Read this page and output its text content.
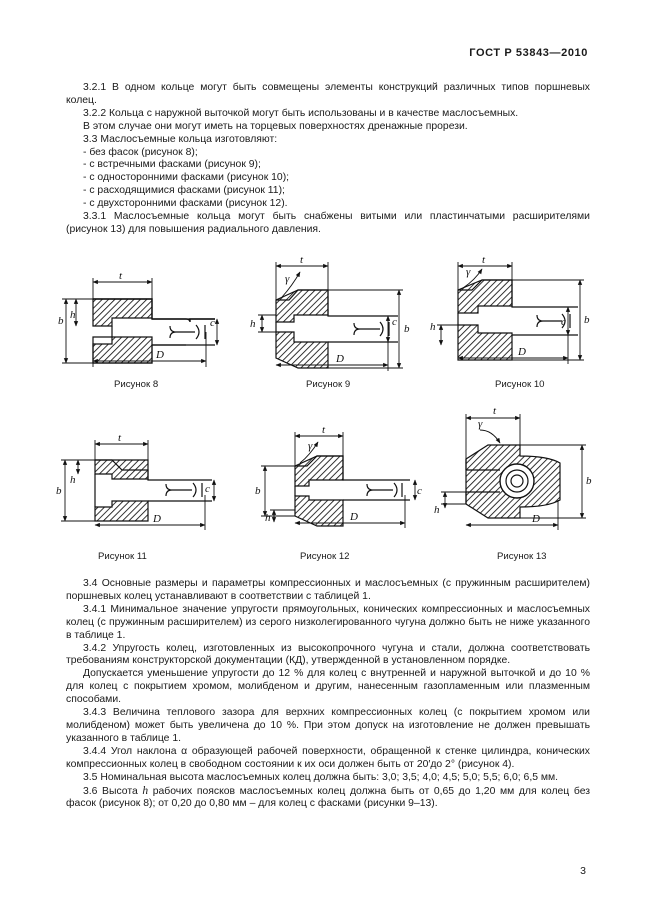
ГОСТ Р 53843—2010

3.2.1 В одном кольце могут быть совмещены элементы конструкций различных типов поршневых колец.

3.2.2 Кольца с наружной выточкой могут быть использованы и в качестве маслосъемных.

В этом случае они могут иметь на торцевых поверхностях дренажные прорези.

3.3 Маслосъемные кольца изготовляют:

- без фасок (рисунок 8);

- с встречными фасками (рисунок 9);

- с односторонними фасками (рисунок 10);

- с расходящимися фасками (рисунок 11);

- с двухсторонними фасками (рисунок 12).

3.3.1 Маслосъемные кольца могут быть снабжены витыми или пластинчатыми расширителями (рисунок 13) для повышения радиального давления.

t
b h
c
D
t
γ
h	c
b
D
t
γ
h	c b
D
t
b
h
c
D
t
γ
b
h
c
D
t
γ
b
h
D
Рисунок 8	Рисунок 9	Рисунок 10
Рисунок 11	Рисунок 12	Рисунок 13

3.4 Основные размеры и параметры компрессионных и маслосъемных (с пружинным расширителем) поршневых колец устанавливают в соответствии с таблицей 1.

3.4.1 Минимальное значение упругости прямоугольных, конических компрессионных и маслосъемных колец (с пружинным расширителем) из серого низколегированного чугуна должно быть не ниже указанного в таблице 1.

3.4.2 Упругость колец, изготовленных из высокопрочного чугуна и стали, должна соответствовать требованиям конструкторской документации (КД), утвержденной в установленном порядке.

Допускается уменьшение упругости до 12 % для колец с внутренней и наружной выточкой и до 10 % для колец с покрытием хромом, молибденом и другим, нанесенным газопламенным или плазменным способами.

3.4.3 Величина теплового зазора для верхних компрессионных колец (с покрытием хромом или молибденом) может быть увеличена до 10 %. При этом допуск на изготовление не должен превышать указанного в таблице 1.

3.4.4 Угол наклона α образующей рабочей поверхности, обращенной к стенке цилиндра, конических компрессионных колец в свободном состоянии к их оси должен быть от 20′до 2° (рисунок 4).

3.5 Номинальная высота маслосъемных колец должна быть: 3,0; 3,5; 4,0; 4,5; 5,0; 5,5; 6,0; 6,5 мм.

3.6 Высота h рабочих поясков маслосъемных колец должна быть от 0,65 до 1,20 мм для колец без фасок (рисунок 8); от 0,20 до 0,80 мм – для колец с фасками (рисунки 9–13).

3
